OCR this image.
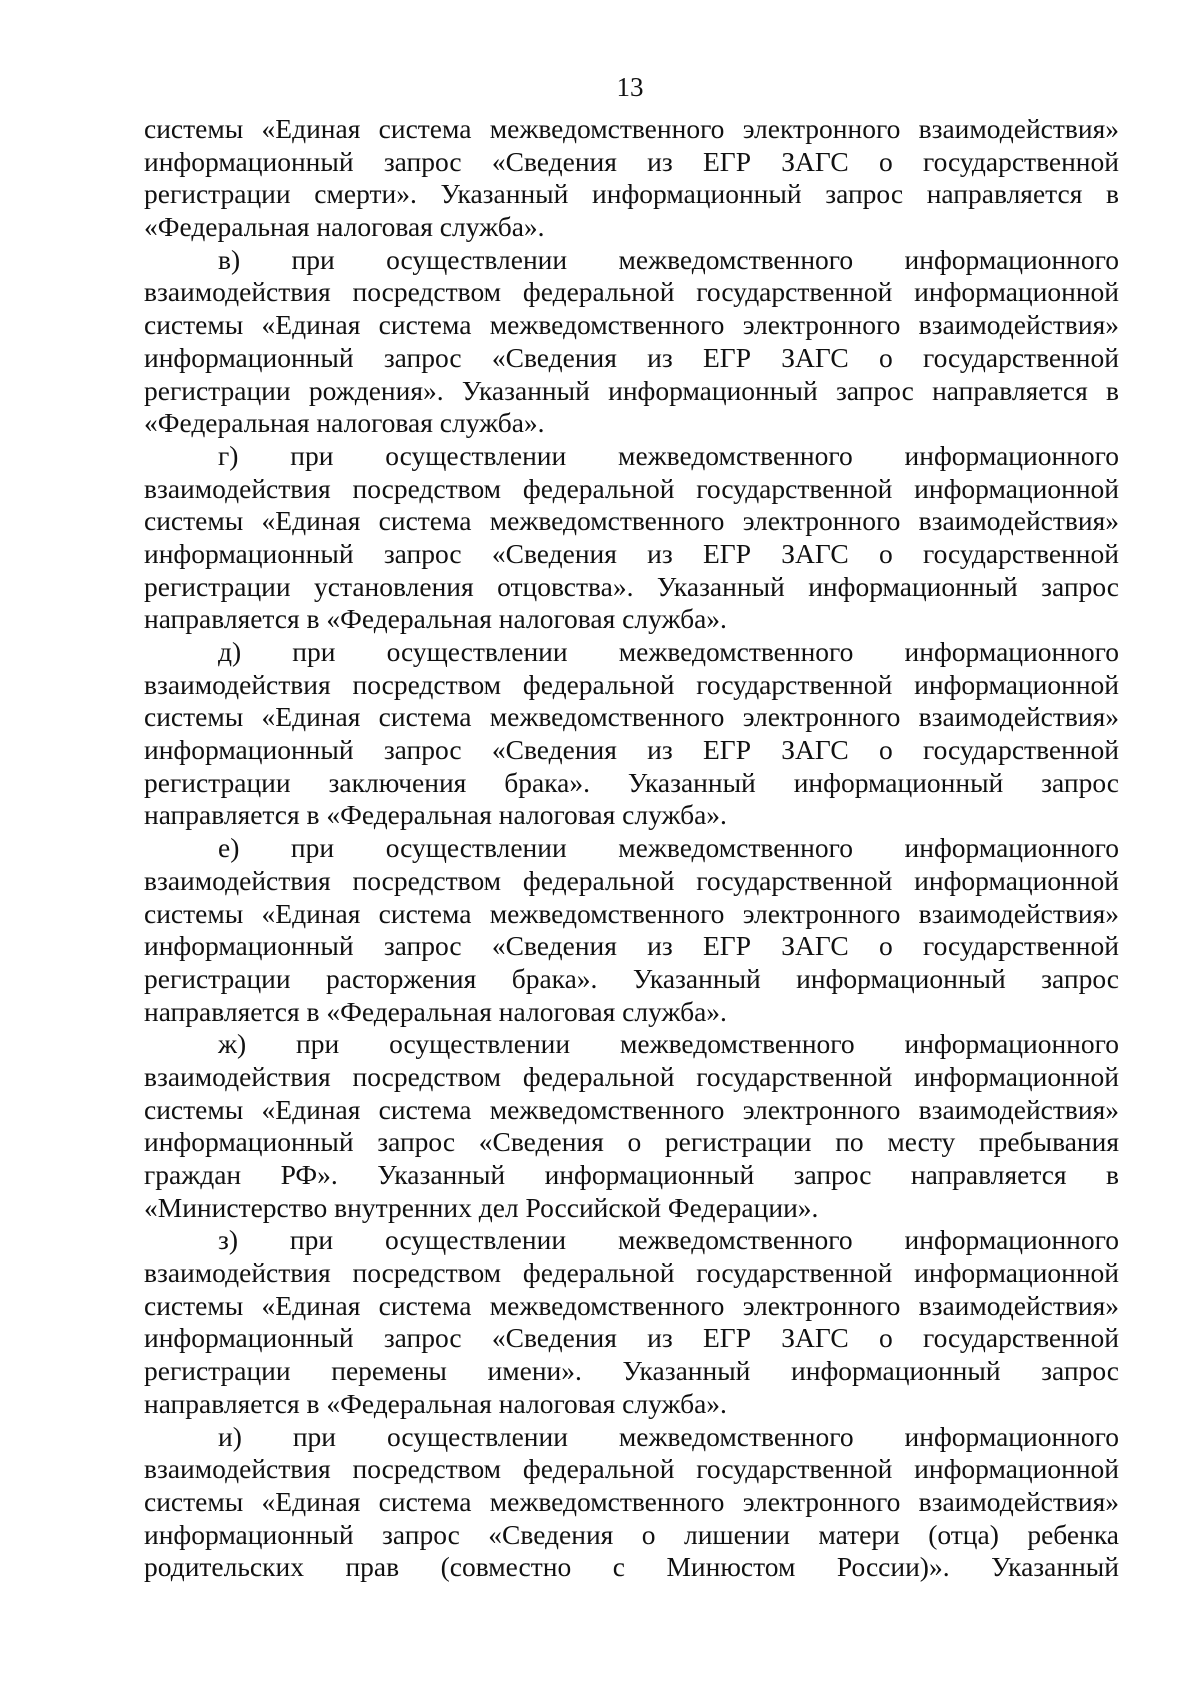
13
системы «Единая система межведомственного электронного взаимодействия»
информационный запрос «Сведения из ЕГР ЗАГС о государственной
регистрации смерти». Указанный информационный запрос направляется в
«Федеральная налоговая служба».
в) при осуществлении межведомственного информационного
взаимодействия посредством федеральной государственной информационной
системы «Единая система межведомственного электронного взаимодействия»
информационный запрос «Сведения из ЕГР ЗАГС о государственной
регистрации рождения». Указанный информационный запрос направляется в
«Федеральная налоговая служба».
г) при осуществлении межведомственного информационного
взаимодействия посредством федеральной государственной информационной
системы «Единая система межведомственного электронного взаимодействия»
информационный запрос «Сведения из ЕГР ЗАГС о государственной
регистрации установления отцовства». Указанный информационный запрос
направляется в «Федеральная налоговая служба».
д) при осуществлении межведомственного информационного
взаимодействия посредством федеральной государственной информационной
системы «Единая система межведомственного электронного взаимодействия»
информационный запрос «Сведения из ЕГР ЗАГС о государственной
регистрации заключения брака». Указанный информационный запрос
направляется в «Федеральная налоговая служба».
е) при осуществлении межведомственного информационного
взаимодействия посредством федеральной государственной информационной
системы «Единая система межведомственного электронного взаимодействия»
информационный запрос «Сведения из ЕГР ЗАГС о государственной
регистрации расторжения брака». Указанный информационный запрос
направляется в «Федеральная налоговая служба».
ж) при осуществлении межведомственного информационного
взаимодействия посредством федеральной государственной информационной
системы «Единая система межведомственного электронного взаимодействия»
информационный запрос «Сведения о регистрации по месту пребывания
граждан РФ». Указанный информационный запрос направляется в
«Министерство внутренних дел Российской Федерации».
з) при осуществлении межведомственного информационного
взаимодействия посредством федеральной государственной информационной
системы «Единая система межведомственного электронного взаимодействия»
информационный запрос «Сведения из ЕГР ЗАГС о государственной
регистрации перемены имени». Указанный информационный запрос
направляется в «Федеральная налоговая служба».
и) при осуществлении межведомственного информационного
взаимодействия посредством федеральной государственной информационной
системы «Единая система межведомственного электронного взаимодействия»
информационный запрос «Сведения о лишении матери (отца) ребенка
родительских прав (совместно с Минюстом России)». Указанный
